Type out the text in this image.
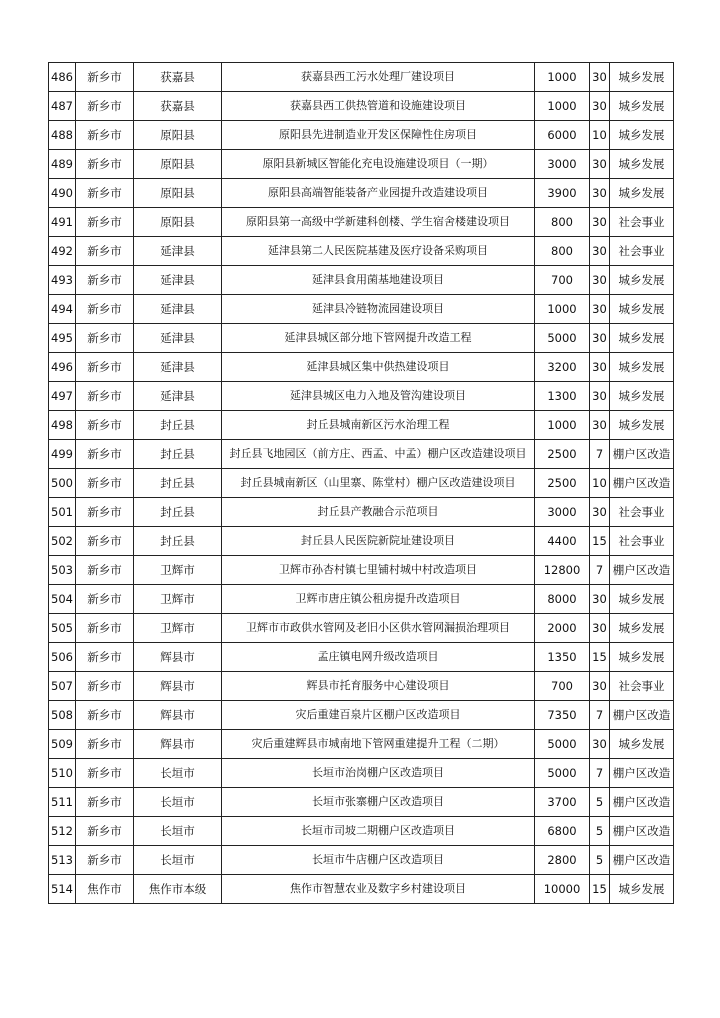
486	新乡市	获嘉县	获嘉县西工污水处理厂建设项目	1000	30	城乡发展
487	新乡市	获嘉县	获嘉县西工供热管道和设施建设项目	1000	30	城乡发展
488	新乡市	原阳县	原阳县先进制造业开发区保障性住房项目	6000	10	城乡发展
489	新乡市	原阳县	原阳县新城区智能化充电设施建设项目（一期）	3000	30	城乡发展
490	新乡市	原阳县	原阳县高端智能装备产业园提升改造建设项目	3900	30	城乡发展
491	新乡市	原阳县	原阳县第一高级中学新建科创楼、学生宿舍楼建设项目	800	30	社会事业
492	新乡市	延津县	延津县第二人民医院基建及医疗设备采购项目	800	30	社会事业
493	新乡市	延津县	延津县食用菌基地建设项目	700	30	城乡发展
494	新乡市	延津县	延津县冷链物流园建设项目	1000	30	城乡发展
495	新乡市	延津县	延津县城区部分地下管网提升改造工程	5000	30	城乡发展
496	新乡市	延津县	延津县城区集中供热建设项目	3200	30	城乡发展
497	新乡市	延津县	延津县城区电力入地及管沟建设项目	1300	30	城乡发展
498	新乡市	封丘县	封丘县城南新区污水治理工程	1000	30	城乡发展
499	新乡市	封丘县	封丘县飞地园区（前方庄、西孟、中孟）棚户区改造建设项目	2500	7	棚户区改造
500	新乡市	封丘县	封丘县城南新区（山里寨、陈堂村）棚户区改造建设项目	2500	10	棚户区改造
501	新乡市	封丘县	封丘县产教融合示范项目	3000	30	社会事业
502	新乡市	封丘县	封丘县人民医院新院址建设项目	4400	15	社会事业
503	新乡市	卫辉市	卫辉市孙杏村镇七里铺村城中村改造项目	12800	7	棚户区改造
504	新乡市	卫辉市	卫辉市唐庄镇公租房提升改造项目	8000	30	城乡发展
505	新乡市	卫辉市	卫辉市市政供水管网及老旧小区供水管网漏损治理项目	2000	30	城乡发展
506	新乡市	辉县市	孟庄镇电网升级改造项目	1350	15	城乡发展
507	新乡市	辉县市	辉县市托育服务中心建设项目	700	30	社会事业
508	新乡市	辉县市	灾后重建百泉片区棚户区改造项目	7350	7	棚户区改造
509	新乡市	辉县市	灾后重建辉县市城南地下管网重建提升工程（二期）	5000	30	城乡发展
510	新乡市	长垣市	长垣市治岗棚户区改造项目	5000	7	棚户区改造
511	新乡市	长垣市	长垣市张寨棚户区改造项目	3700	5	棚户区改造
512	新乡市	长垣市	长垣市司坡二期棚户区改造项目	6800	5	棚户区改造
513	新乡市	长垣市	长垣市牛店棚户区改造项目	2800	5	棚户区改造
514	焦作市	焦作市本级	焦作市智慧农业及数字乡村建设项目	10000	15	城乡发展
